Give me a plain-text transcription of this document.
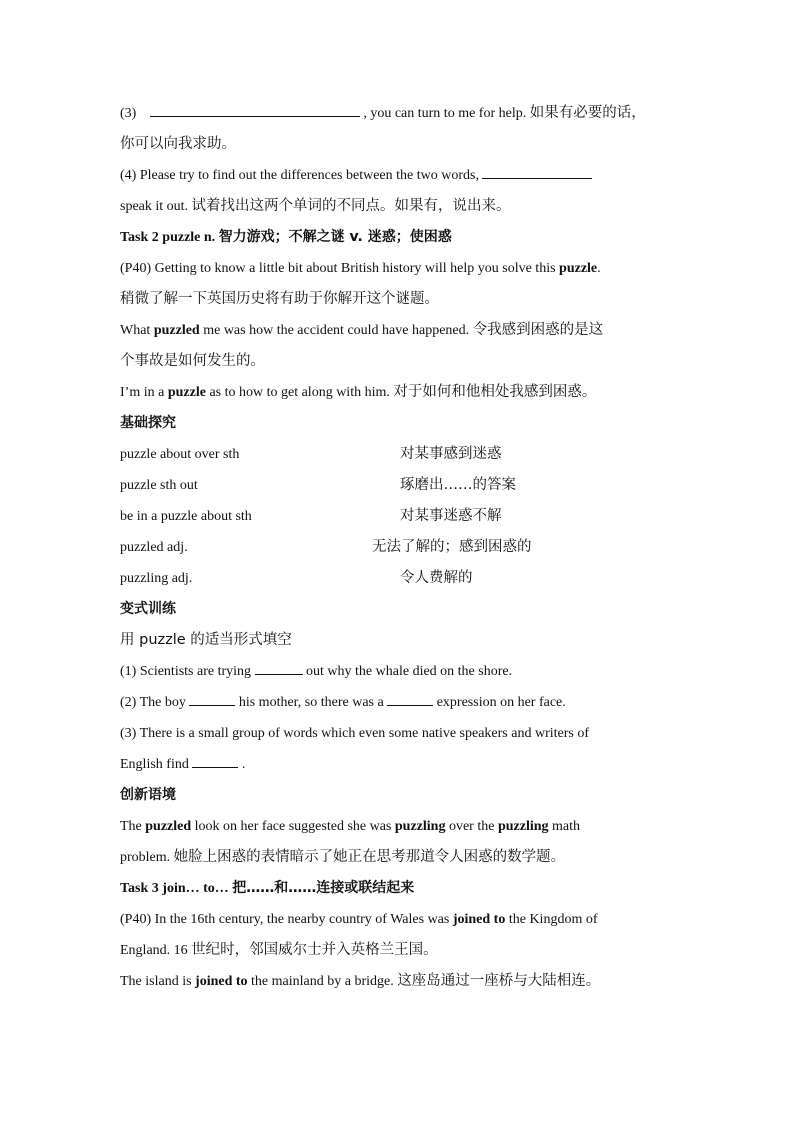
(3)	, you can turn to me for help. 如果有必要的话，
你可以向我求助。
(4) Please try to find out the differences between the two words,
speak it out. 试着找出这两个单词的不同点。如果有，说出来。
Task 2 puzzle n. 智力游戏；不解之谜 v. 迷惑；使困惑
(P40) Getting to know a little bit about British history will help you solve this puzzle.
稍微了解一下英国历史将有助于你解开这个谜题。
What puzzled me was how the accident could have happened. 令我感到困惑的是这
个事故是如何发生的。
I’m in a puzzle as to how to get along with him. 对于如何和他相处我感到困惑。
基础探究
puzzle about over sth	对某事感到迷惑
puzzle sth out	琢磨出……的答案
be in a puzzle about sth	对某事迷惑不解
puzzled adj.	无法了解的；感到困惑的
puzzling adj.	令人费解的
变式训练
用 puzzle 的适当形式填空
(1) Scientists are trying	out why the whale died on the shore.
(2) The boy	his mother, so there was a	expression on her face.
(3) There is a small group of words which even some native speakers and writers of
English find	.
创新语境
The puzzled look on her face suggested she was puzzling over the puzzling math
problem. 她脸上困惑的表情暗示了她正在思考那道令人困惑的数学题。
Task 3 join… to… 把……和……连接或联结起来
(P40) In the 16th century, the nearby country of Wales was joined to the Kingdom of
England. 16 世纪时，邻国威尔士并入英格兰王国。
The island is joined to the mainland by a bridge. 这座岛通过一座桥与大陆相连。
